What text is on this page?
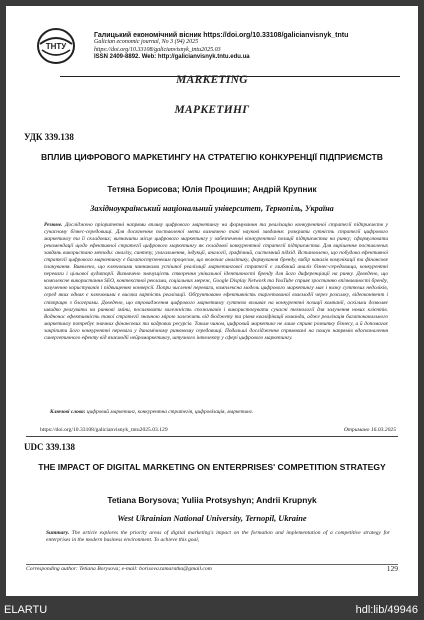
ТНТУ
Галицький економічний вісник https://doi.org/10.33108/galicianvisnyk_tntu
Galician economic journal, No 3 (94) 2025
https://doi.org/10.33108/galicianvisnyk_tntu2025.03
ISSN 2409-8892. Web: http://galicianvisnyk.tntu.edu.ua
MARKETING
МАРКЕТИНГ
УДК 339.138
ВПЛИВ ЦИФРОВОГО МАРКЕТИНГУ НА СТРАТЕГІЮ КОНКУРЕНЦІЇ ПІДПРИЄМСТВ
Тетяна Борисова; Юлія Процишин; Андрій Крупник
Західноукраїнський національний університет, Тернопіль, Україна
Резюме. Досліджено пріоритетні напрями впливу цифрового маркетингу на формування та реалізацію конкурентної стратегії підприємств у сучасному бізнес-середовищі. Для досягнення поставленої мети визначено такі наукові завдання: розкрити сутність стратегії цифрового маркетингу та її складових; визначити місце цифрового маркетингу у забезпеченні конкурентної позиції підприємства на ринку; сформулювати рекомендації щодо ефективної стратегії цифрового маркетингу як складової конкурентної стратегії підприємства. Для вирішення поставлених завдань використано методи: аналізу, синтезу, узагальнення, індукції, аналогії, графічний, системний підхід. Встановлено, що побудова ефективної стратегії цифрового маркетингу є багатоступеневим процесом, що включає аналітику, формування бренду, вибір каналів комунікації та фінансове планування. Виявлено, що ключовими чинниками успішної реалізації маркетингової стратегії є глибокий аналіз бізнес-середовища, конкурентні переваги і цільової аудиторії. Визначено значущість створення унікальної ідентичності бренду для його диференціації на ринку. Доведено, що комплексне використання SEO, контекстної реклами, соціальних мереж, Google Display Network та YouTube сприяє зростанню впізнаваності бренду, залученню користувачів і підвищенню конверсії. Попри численні переваги, комплексна модель цифрового маркетингу має і низку суттєвих недоліків, серед яких однак є ключовими є висока вартість реалізації. Обґрунтовано ефективність таргетованої взаємодії через розсилку, відеоконтент і співпрацю з блогерами. Доведено, що впровадження цифрового маркетингу суттєво впливає на конкурентні позиції компанії, оскільки дозволяє швидко реагувати на ринкові зміни, посилювати залежність споживачів і використовувати сучасні технології для залучення нових клієнтів. Водночас ефективність такої стратегії значною мірою залежить від бюджету та рівня кваліфікації команди, адже реалізація багатоканального маркетингу потребує значних фінансових та кадрових ресурсів. Таким чином, цифровий маркетинг не лише сприяє розвитку бізнесу, а й допомагає закріпити його конкурентні переваги у динамічному ринковому середовищі. Подальші дослідження спрямовані на пошук напрямів вдосконалення синергетичного ефекту від взаємодії нейромаркетингу, штучного інтелекту у сфері цифрового маркетингу.
Ключові слова: цифровий маркетинг, конкурентна стратегія, цифровізація, маркетинг.
https://doi.org/10.33108/galicianvisnyk_tntu2025.03.129	Отримано 16.03.2025
UDC 339.138
THE IMPACT OF DIGITAL MARKETING ON ENTERPRISES' COMPETITION STRATEGY
Tetiana Borysova; Yuliia Protsyshyn; Andrii Krupnyk
West Ukrainian National University, Ternopil, Ukraine
Summary. The article explores the priority areas of digital marketing's impact on the formation and implementation of a competitive strategy for enterprises in the modern business environment. To achieve this goal,
Corresponding author: Tetiana Borysova; e-mail: borisova.tamaratka@gmail.com	129
ELARTU	hdl:lib/49946
